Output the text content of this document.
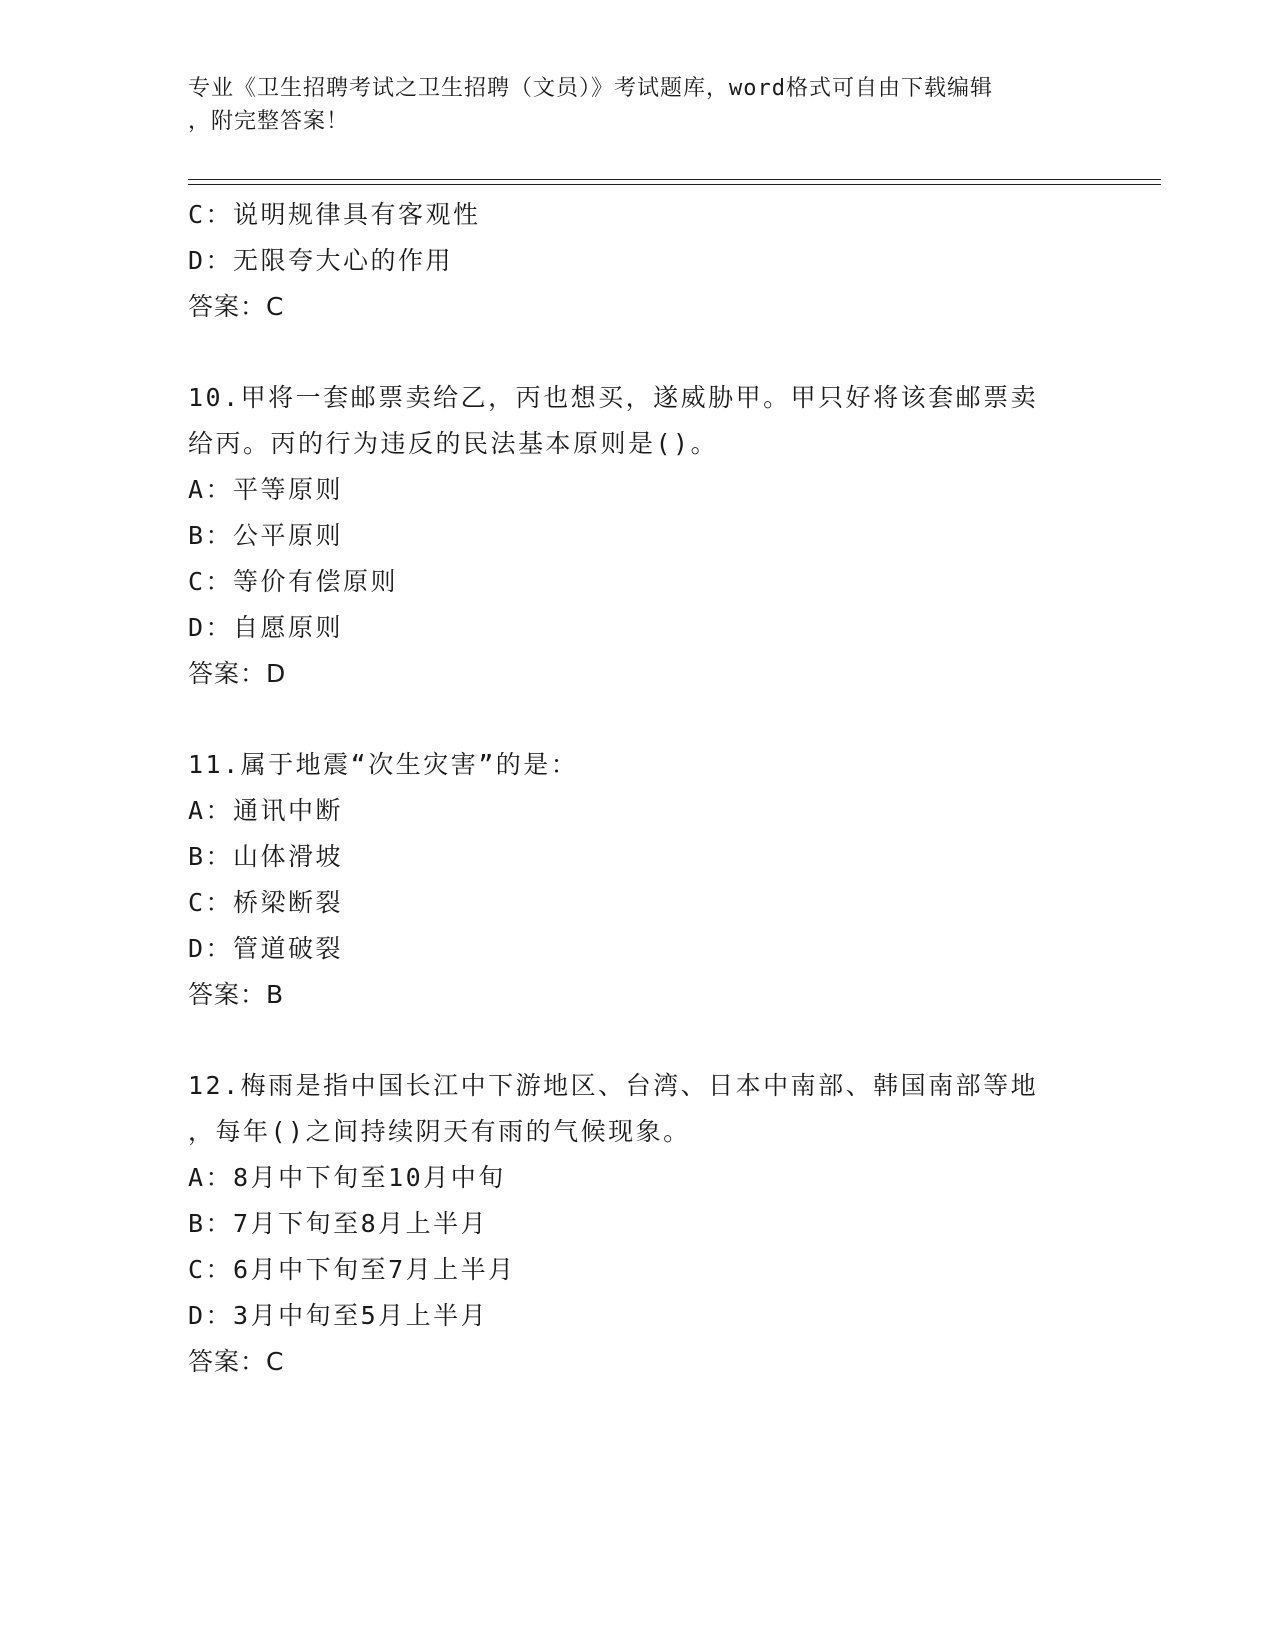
专业《卫生招聘考试之卫生招聘（文员）》考试题库，word格式可自由下载编辑
，附完整答案！
C：说明规律具有客观性
D：无限夸大心的作用
答案：C
10.甲将一套邮票卖给乙，丙也想买，遂威胁甲。甲只好将该套邮票卖
给丙。丙的行为违反的民法基本原则是()。
A：平等原则
B：公平原则
C：等价有偿原则
D：自愿原则
答案：D
11.属于地震“次生灾害”的是：
A：通讯中断
B：山体滑坡
C：桥梁断裂
D：管道破裂
答案：B
12.梅雨是指中国长江中下游地区、台湾、日本中南部、韩国南部等地
，每年()之间持续阴天有雨的气候现象。
A：8月中下旬至10月中旬
B：7月下旬至8月上半月
C：6月中下旬至7月上半月
D：3月中旬至5月上半月
答案：C
